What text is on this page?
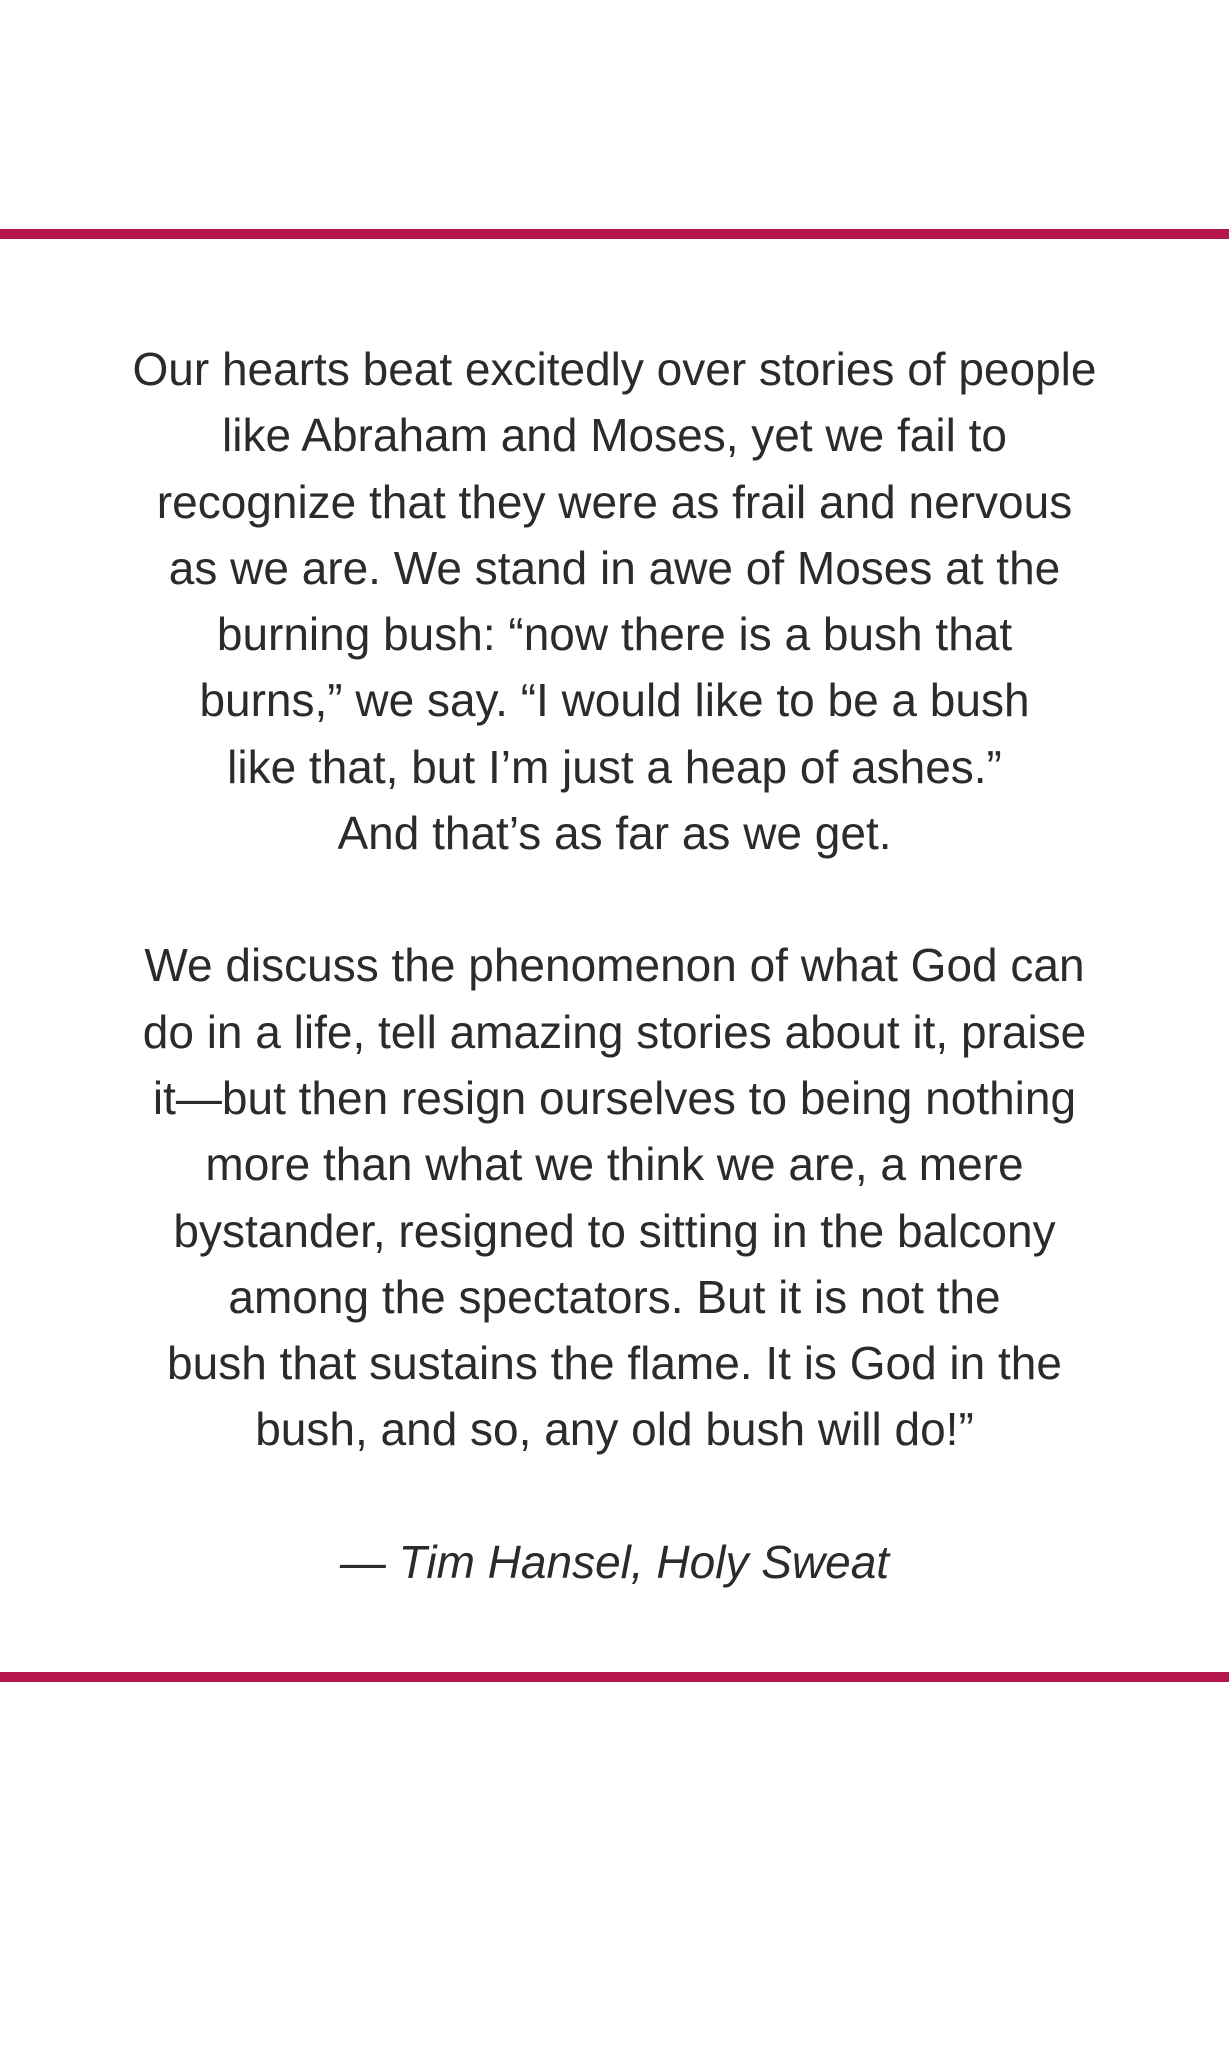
Our hearts beat excitedly over stories of people
like Abraham and Moses, yet we fail to
recognize that they were as frail and nervous
as we are. We stand in awe of Moses at the
burning bush: “now there is a bush that
burns,” we say. “I would like to be a bush
like that, but I’m just a heap of ashes.”
And that’s as far as we get.

We discuss the phenomenon of what God can
do in a life, tell amazing stories about it, praise
it—but then resign ourselves to being nothing
more than what we think we are, a mere
bystander, resigned to sitting in the balcony
among the spectators. But it is not the
bush that sustains the flame. It is God in the
bush, and so, any old bush will do!”

— Tim Hansel, Holy Sweat
